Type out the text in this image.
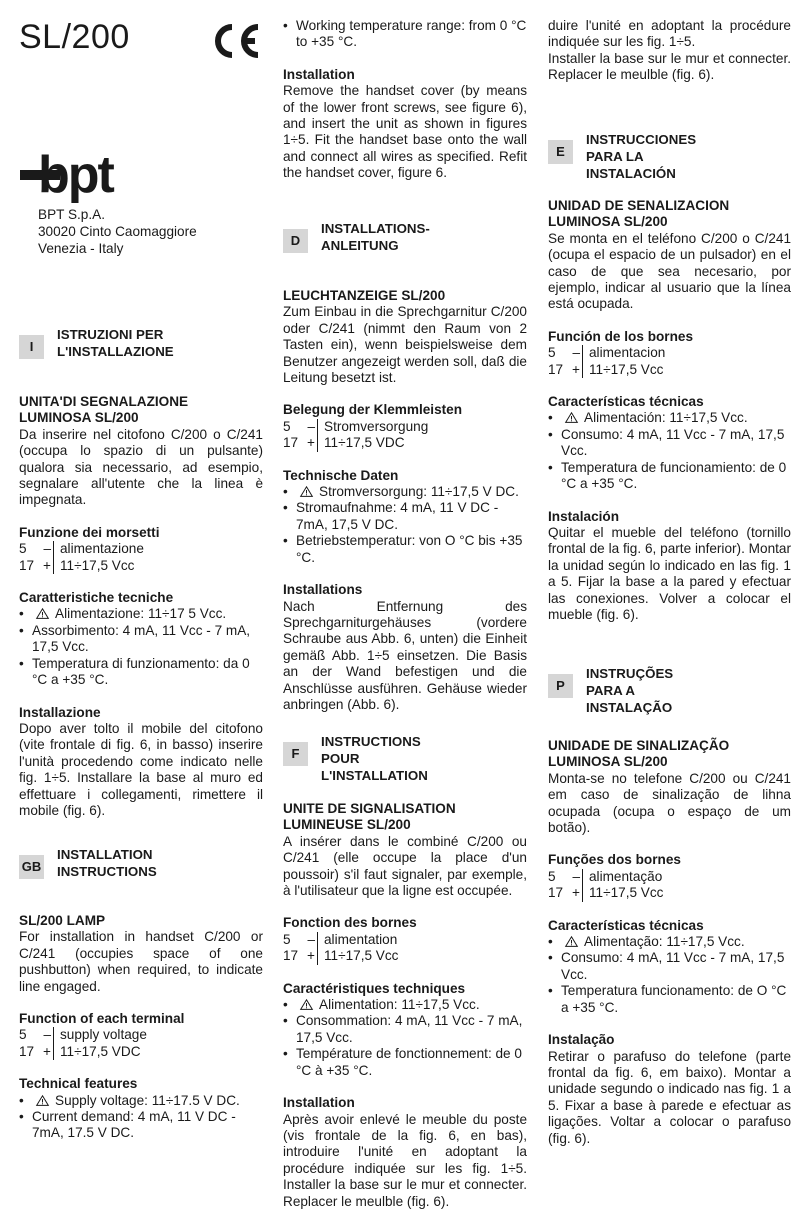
SL/200
bpt
BPT S.p.A.
30020 Cinto Caomaggiore
Venezia - Italy
I
ISTRUZIONI PER
L'INSTALLAZIONE

UNITA'DI SEGNALAZIONE
LUMINOSA SL/200

Da inserire nel citofono C/200 o C/241 (occupa lo spazio di un pulsante) qualora sia necessario, ad esempio, segnalare all'utente che la linea è impegnata.

Funzione dei morsetti

5	– alimentazione
17 + 11÷17,5 Vcc

Caratteristiche tecniche

•	Alimentazione: 11÷17 5 Vcc.
• Assorbimento: 4 mA, 11 Vcc - 7 mA, 17,5 Vcc.
• Temperatura di funzionamento: da 0 °C a +35 °C.

Installazione

Dopo aver tolto il mobile del citofono (vite frontale di fig. 6, in basso) inserire l'unità procedendo come indicato nelle fig. 1÷5. Installare la base al muro ed effettuare i collegamenti, rimettere il mobile (fig. 6).

GB
INSTALLATION
INSTRUCTIONS

SL/200 LAMP

For installation in handset C/200 or C/241 (occupies space of one pushbutton) when required, to indicate line engaged.

Function of each terminal

5	– supply voltage
17 + 11÷17,5 VDC

Technical features

•	Supply voltage: 11÷17.5 V DC.
• Current demand: 4 mA, 11 V DC - 7mA, 17.5 V DC.
• Working temperature range: from 0 °C to +35 °C.

Installation

Remove the handset cover (by means of the lower front screws, see figure 6), and insert the unit as shown in figures 1÷5. Fit the handset base onto the wall and connect all wires as specified. Refit the handset cover, figure 6.

D
INSTALLATIONS-
ANLEITUNG

LEUCHTANZEIGE SL/200

Zum Einbau in die Sprechgarnitur C/200 oder C/241 (nimmt den Raum von 2 Tasten ein), wenn beispielsweise dem Benutzer angezeigt werden soll, daß die Leitung besetzt ist.

Belegung der Klemmleisten

5	– Stromversorgung
17 + 11÷17,5 VDC

Technische Daten

•	Stromversorgung: 11÷17,5 V DC.
• Stromaufnahme: 4 mA, 11 V DC - 7mA, 17,5 V DC.
• Betriebstemperatur: von O °C bis +35 °C.

Installations

Nach Entfernung des Sprechgarniturgehäuses (vordere Schraube aus Abb. 6, unten) die Einheit gemäß Abb. 1÷5 einsetzen. Die Basis an der Wand befestigen und die Anschlüsse ausführen. Gehäuse wieder anbringen (Abb. 6).

F
INSTRUCTIONS
POUR L'INSTALLATION

UNITE DE SIGNALISATION
LUMINEUSE SL/200

A insérer dans le combiné C/200 ou C/241 (elle occupe la place d'un poussoir) s'il faut signaler, par exemple, à l'utilisateur que la ligne est occupée.

Fonction des bornes

5	– alimentation
17 + 11÷17,5 Vcc

Caractéristiques techniques

•	Alimentation: 11÷17,5 Vcc.
• Consommation: 4 mA, 11 Vcc - 7 mA, 17,5 Vcc.
• Température de fonctionnement: de 0 °C à +35 °C.

Installation

Après avoir enlevé le meuble du poste (vis frontale de la fig. 6, en bas), introduire l'unité en adoptant la procédure indiquée sur les fig. 1÷5. Installer la base sur le mur et connecter. Replacer le meulble (fig. 6).

duire l'unité en adoptant la procédure indiquée sur les fig. 1÷5.
Installer la base sur le mur et connecter. Replacer le meulble (fig. 6).

E
INSTRUCCIONES
PARA LA INSTALACIÓN

UNIDAD DE SENALIZACION
LUMINOSA SL/200

Se monta en el teléfono C/200 o C/241 (ocupa el espacio de un pulsador) en el caso de que sea necesario, por ejemplo, indicar al usuario que la línea está ocupada.

Función de los bornes

5	– alimentacion
17 + 11÷17,5 Vcc

Características técnicas

•	Alimentación: 11÷17,5 Vcc.
• Consumo: 4 mA, 11 Vcc - 7 mA, 17,5 Vcc.
• Temperatura de funcionamiento: de 0 °C a +35 °C.

Instalación

Quitar el mueble del teléfono (tornillo frontal de la fig. 6, parte inferior). Montar la unidad según lo indicado en las fig. 1 a 5. Fijar la base a la pared y efectuar las conexiones. Volver a colocar el mueble (fig. 6).

P
INSTRUÇÕES
PARA A INSTALAÇÃO

UNIDADE DE SINALIZAÇÃO
LUMINOSA SL/200

Monta-se no telefone C/200 ou C/241 em caso de sinalização de lihna ocupada (ocupa o espaço de um botão).

Funções dos bornes

5	– alimentação
17 + 11÷17,5 Vcc

Características técnicas

•	Alimentação: 11÷17,5 Vcc.
• Consumo: 4 mA, 11 Vcc - 7 mA, 17,5 Vcc.
• Temperatura funcionamento: de O °C a +35 °C.

Instalação

Retirar o parafuso do telefone (parte frontal da fig. 6, em baixo). Montar a unidade segundo o indicado nas fig. 1 a 5. Fixar a base à parede e efectuar as ligações. Voltar a colocar o parafuso (fig. 6).
